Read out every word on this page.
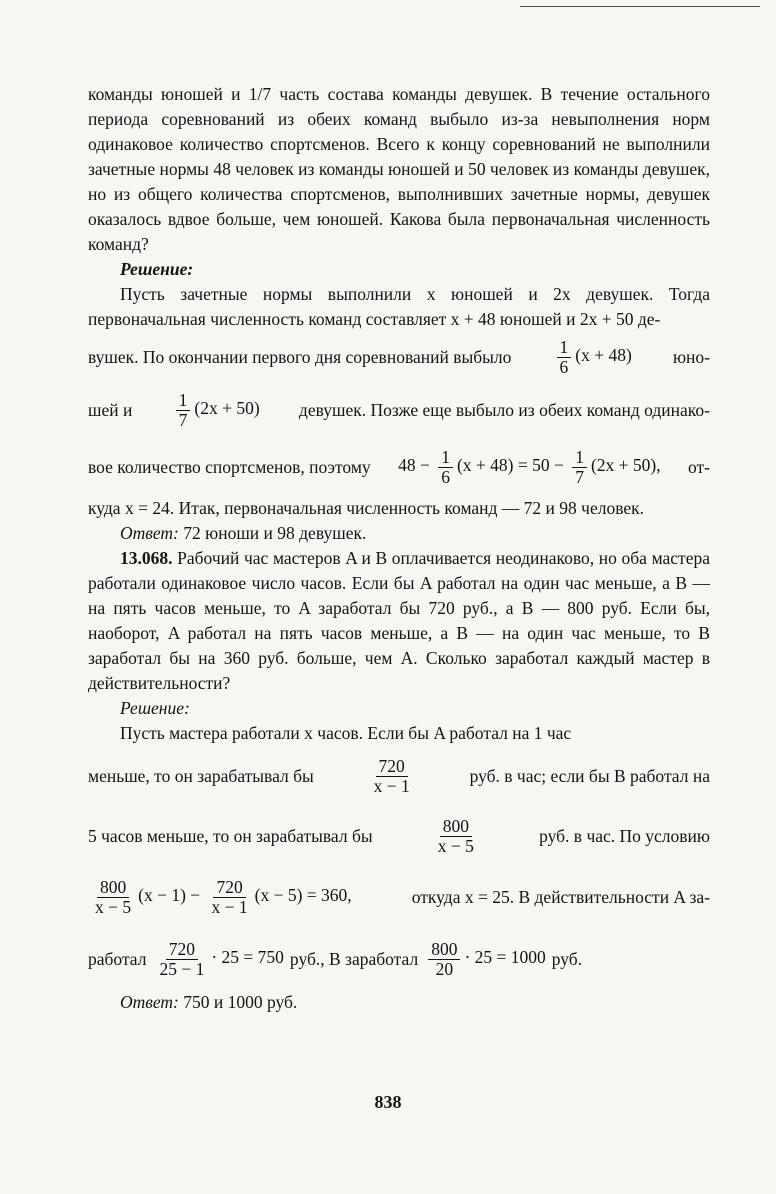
команды юношей и 1/7 часть состава команды девушек. В течение остального периода соревнований из обеих команд выбыло из-за невыполнения норм одинаковое количество спортсменов. Всего к концу соревнований не выполнили зачетные нормы 48 человек из команды юношей и 50 человек из команды девушек, но из общего количества спортсменов, выполнивших зачетные нормы, девушек оказалось вдвое больше, чем юношей. Какова была первоначальная численность команд?

Решение:

Пусть зачетные нормы выполнили x юношей и 2x девушек. Тогда первоначальная численность команд составляет x + 48 юношей и 2x + 50 де-

вушек. По окончании первого дня соревнований выбыло	$\frac{1}{6} (x + 48)$ юно-
шей и $\frac{1}{7} (2x + 50)$ девушек. Позже еще выбыло из обеих команд одинако-
вое количество спортсменов, поэтому $48 - \frac{1}{6} (x + 48) = 50 - \frac{1}{7} (2x + 50)$, от-

куда x = 24. Итак, первоначальная численность команд — 72 и 98 человек.

Ответ: 72 юноши и 98 девушек.

13.068. Рабочий час мастеров A и B оплачивается неодинаково, но оба мастера работали одинаковое число часов. Если бы A работал на один час меньше, а B — на пять часов меньше, то A заработал бы 720 руб., а B — 800 руб. Если бы, наоборот, A работал на пять часов меньше, а B — на один час меньше, то B заработал бы на 360 руб. больше, чем A. Сколько заработал каждый мастер в действительности?

Решение:

Пусть мастера работали x часов. Если бы A работал на 1 час

меньше, то он зарабатывал бы	720
x − 1	руб. в час; если бы B работал на
5 часов меньше, то он зарабатывал бы	800
x − 5	руб. в час. По условию
$\frac{800}{x - 5} (x - 1) - \frac{720}{x - 1} (x - 5) = 360$,	откуда x = 25. В действительности A за-
работал $\frac{720}{25 - 1} \cdot 25 = 750$ руб., B заработал $\frac{800}{20} \cdot 25 = 1000$ руб.

Ответ: 750 и 1000 руб.

838
